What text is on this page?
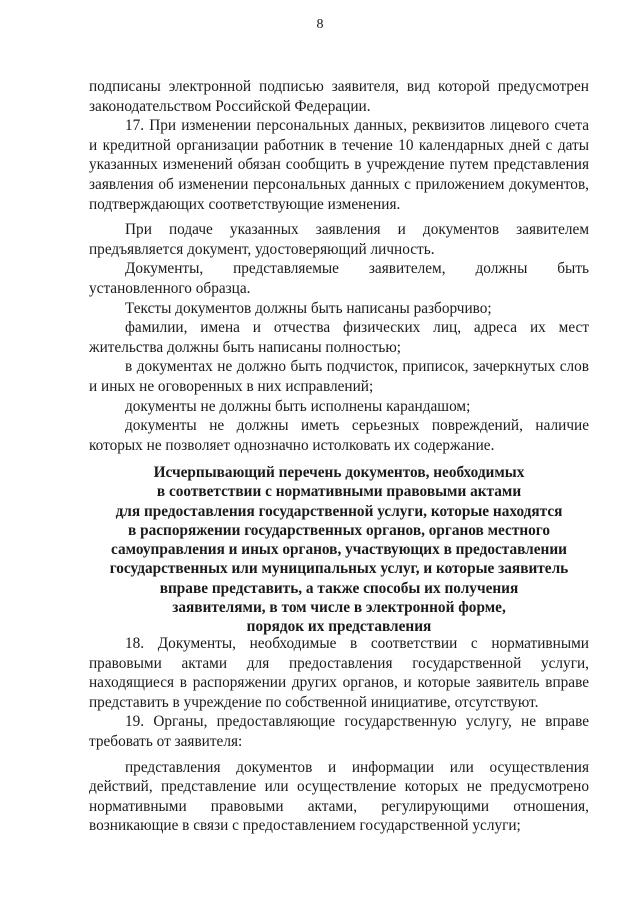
8

подписаны электронной подписью заявителя, вид которой предусмотрен законодательством Российской Федерации.

17. При изменении персональных данных, реквизитов лицевого счета и кредитной организации работник в течение 10 календарных дней с даты указанных изменений обязан сообщить в учреждение путем представления заявления об изменении персональных данных с приложением документов, подтверждающих соответствующие изменения.

При подаче указанных заявления и документов заявителем предъявляется документ, удостоверяющий личность.

Документы, представляемые заявителем, должны быть установленного образца.

Тексты документов должны быть написаны разборчиво;

фамилии, имена и отчества физических лиц, адреса их мест жительства должны быть написаны полностью;

в документах не должно быть подчисток, приписок, зачеркнутых слов и иных не оговоренных в них исправлений;

документы не должны быть исполнены карандашом;

документы не должны иметь серьезных повреждений, наличие которых не позволяет однозначно истолковать их содержание.

Исчерпывающий перечень документов, необходимых
в соответствии с нормативными правовыми актами
для предоставления государственной услуги, которые находятся
в распоряжении государственных органов, органов местного
самоуправления и иных органов, участвующих в предоставлении
государственных или муниципальных услуг, и которые заявитель
вправе представить, а также способы их получения
заявителями, в том числе в электронной форме,
порядок их представления

18. Документы, необходимые в соответствии с нормативными правовыми актами для предоставления государственной услуги, находящиеся в распоряжении других органов, и которые заявитель вправе представить в учреждение по собственной инициативе, отсутствуют.

19. Органы, предоставляющие государственную услугу, не вправе требовать от заявителя:

представления документов и информации или осуществления действий, представление или осуществление которых не предусмотрено нормативными правовыми актами, регулирующими отношения, возникающие в связи с предоставлением государственной услуги;
